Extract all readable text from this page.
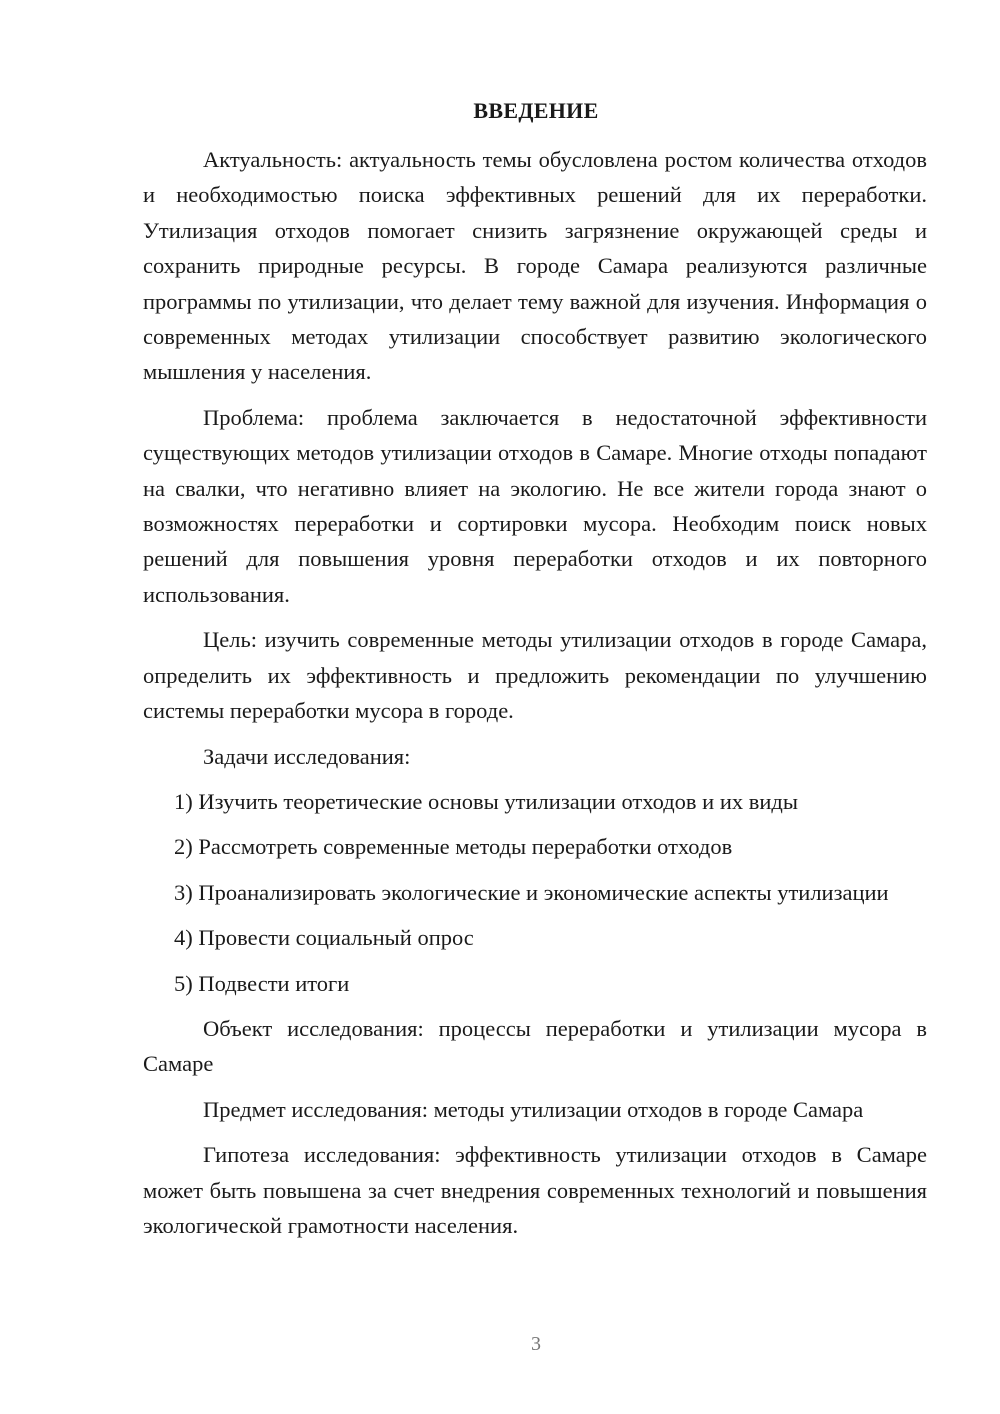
ВВЕДЕНИЕ

Актуальность: актуальность темы обусловлена ростом количества отходов и необходимостью поиска эффективных решений для их переработки. Утилизация отходов помогает снизить загрязнение окружающей среды и сохранить природные ресурсы. В городе Самара реализуются различные программы по утилизации, что делает тему важной для изучения. Информация о современных методах утилизации способствует развитию экологического мышления у населения.

Проблема: проблема заключается в недостаточной эффективности существующих методов утилизации отходов в Самаре. Многие отходы попадают на свалки, что негативно влияет на экологию. Не все жители города знают о возможностях переработки и сортировки мусора. Необходим поиск новых решений для повышения уровня переработки отходов и их повторного использования.

Цель: изучить современные методы утилизации отходов в городе Самара, определить их эффективность и предложить рекомендации по улучшению системы переработки мусора в городе.

Задачи исследования:

1) Изучить теоретические основы утилизации отходов и их виды

2) Рассмотреть современные методы переработки отходов

3) Проанализировать экологические и экономические аспекты утилизации

4) Провести социальный опрос

5) Подвести итоги

Объект исследования: процессы переработки и утилизации мусора в Самаре

Предмет исследования: методы утилизации отходов в городе Самара

Гипотеза исследования: эффективность утилизации отходов в Самаре может быть повышена за счет внедрения современных технологий и повышения экологической грамотности населения.

3
